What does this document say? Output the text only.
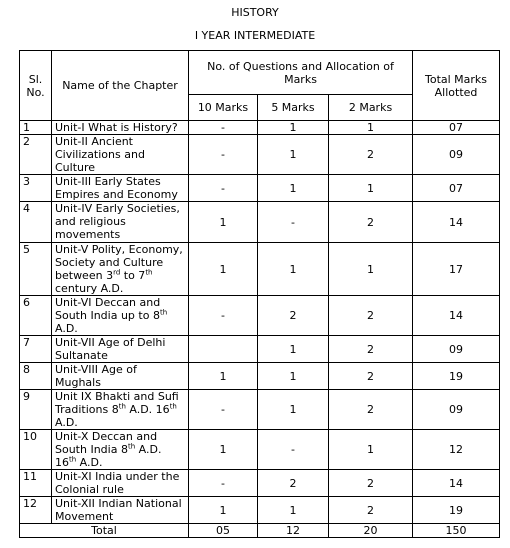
HISTORY
I YEAR INTERMEDIATE
Sl. No.	Name of the Chapter	No. of Questions and Allocation of Marks			Total Marks Allotted
		10 Marks	5 Marks	2 Marks	
1	Unit-I What is History?	-	1	1	07
2	Unit-II Ancient Civilizations and Culture	-	1	2	09
3	Unit-III Early States Empires and Economy	-	1	1	07
4	Unit-IV Early Societies, and religious movements	1	-	2	14
5	Unit-V Polity, Economy, Society and Culture between 3rd to 7th century A.D.	1	1	1	17
6	Unit-VI Deccan and South India up to 8th A.D.	-	2	2	14
7	Unit-VII Age of Delhi Sultanate		1	2	09
8	Unit-VIII Age of Mughals	1	1	2	19
9	Unit IX Bhakti and Sufi Traditions 8th A.D. 16th A.D.	-	1	2	09
10	Unit-X Deccan and South India 8th A.D. 16th A.D.	1	-	1	12
11	Unit-XI India under the Colonial rule	-	2	2	14
12	Unit-XII Indian National Movement	1	1	2	19
Total		05	12	20	150
